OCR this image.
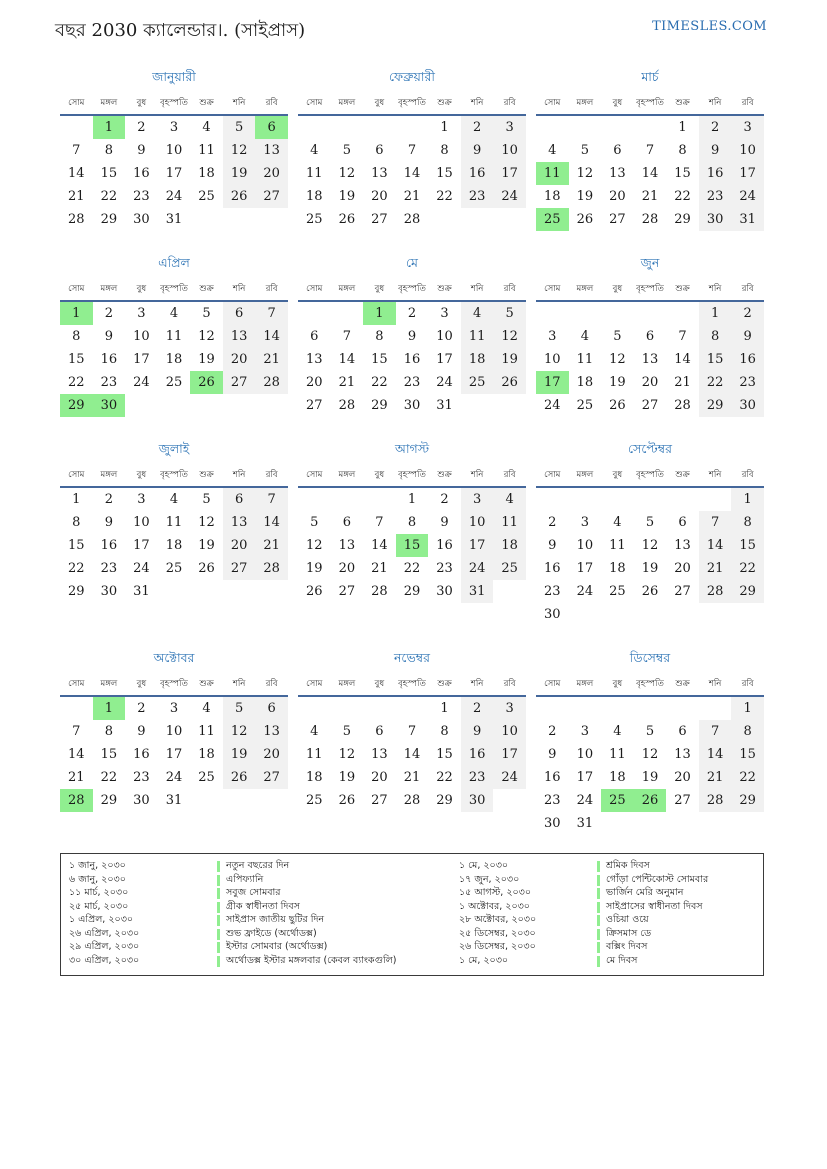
বছর 2030 ক্যালেন্ডার।. (সাইপ্রাস)	TIMESLES.COM
জানুয়ারী
সোম	মঙ্গল	বুধ	বৃহস্পতি	শুক্র	শনি	রবি
	1	2	3	4	5	6
7	8	9	10	11	12	13
14	15	16	17	18	19	20
21	22	23	24	25	26	27
28	29	30	31			
ফেব্রুয়ারী
সোম	মঙ্গল	বুধ	বৃহস্পতি	শুক্র	শনি	রবি
				1	2	3
4	5	6	7	8	9	10
11	12	13	14	15	16	17
18	19	20	21	22	23	24
25	26	27	28			
মার্চ
সোম	মঙ্গল	বুধ	বৃহস্পতি	শুক্র	শনি	রবি
				1	2	3
4	5	6	7	8	9	10
11	12	13	14	15	16	17
18	19	20	21	22	23	24
25	26	27	28	29	30	31
এপ্রিল
সোম	মঙ্গল	বুধ	বৃহস্পতি	শুক্র	শনি	রবি
1	2	3	4	5	6	7
8	9	10	11	12	13	14
15	16	17	18	19	20	21
22	23	24	25	26	27	28
29	30					
মে
সোম	মঙ্গল	বুধ	বৃহস্পতি	শুক্র	শনি	রবি
		1	2	3	4	5
6	7	8	9	10	11	12
13	14	15	16	17	18	19
20	21	22	23	24	25	26
27	28	29	30	31		
জুন
সোম	মঙ্গল	বুধ	বৃহস্পতি	শুক্র	শনি	রবি
					1	2
3	4	5	6	7	8	9
10	11	12	13	14	15	16
17	18	19	20	21	22	23
24	25	26	27	28	29	30
জুলাই
সোম	মঙ্গল	বুধ	বৃহস্পতি	শুক্র	শনি	রবি
1	2	3	4	5	6	7
8	9	10	11	12	13	14
15	16	17	18	19	20	21
22	23	24	25	26	27	28
29	30	31				
আগস্ট
সোম	মঙ্গল	বুধ	বৃহস্পতি	শুক্র	শনি	রবি
			1	2	3	4
5	6	7	8	9	10	11
12	13	14	15	16	17	18
19	20	21	22	23	24	25
26	27	28	29	30	31	
সেপ্টেম্বর
সোম	মঙ্গল	বুধ	বৃহস্পতি	শুক্র	শনি	রবি
						1
2	3	4	5	6	7	8
9	10	11	12	13	14	15
16	17	18	19	20	21	22
23	24	25	26	27	28	29
30						
অক্টোবর
সোম	মঙ্গল	বুধ	বৃহস্পতি	শুক্র	শনি	রবি
	1	2	3	4	5	6
7	8	9	10	11	12	13
14	15	16	17	18	19	20
21	22	23	24	25	26	27
28	29	30	31			
নভেম্বর
সোম	মঙ্গল	বুধ	বৃহস্পতি	শুক্র	শনি	রবি
				1	2	3
4	5	6	7	8	9	10
11	12	13	14	15	16	17
18	19	20	21	22	23	24
25	26	27	28	29	30	
ডিসেম্বর
সোম	মঙ্গল	বুধ	বৃহস্পতি	শুক্র	শনি	রবি
						1
2	3	4	5	6	7	8
9	10	11	12	13	14	15
16	17	18	19	20	21	22
23	24	25	26	27	28	29
30	31					
১ জানু, ২০৩০	নতুন বছরের দিন	১ মে, ২০৩০	শ্রমিক দিবস
৬ জানু, ২০৩০	এপিফ্যানি	১৭ জুন, ২০৩০	গোঁড়া পেন্টিকোস্ট সোমবার
১১ মার্চ, ২০৩০	সবুজ সোমবার	১৫ আগস্ট, ২০৩০	ভার্জিন মেরি অনুমান
২৫ মার্চ, ২০৩০	গ্রীক স্বাধীনতা দিবস	১ অক্টোবর, ২০৩০	সাইপ্রাসের স্বাধীনতা দিবস
১ এপ্রিল, ২০৩০	সাইপ্রাস জাতীয় ছুটির দিন	২৮ অক্টোবর, ২০৩০	ওচিয়া ওয়ে
২৬ এপ্রিল, ২০৩০	শুভ ফ্রাইডে (অর্থোডক্স)	২৫ ডিসেম্বর, ২০৩০	ক্রিসমাস ডে
২৯ এপ্রিল, ২০৩০	ইস্টার সোমবার (অর্থোডক্স)	২৬ ডিসেম্বর, ২০৩০	বক্সিং দিবস
৩০ এপ্রিল, ২০৩০	অর্থোডক্স ইস্টার মঙ্গলবার (কেবল ব্যাংকগুলি)	১ মে, ২০৩০	মে দিবস
